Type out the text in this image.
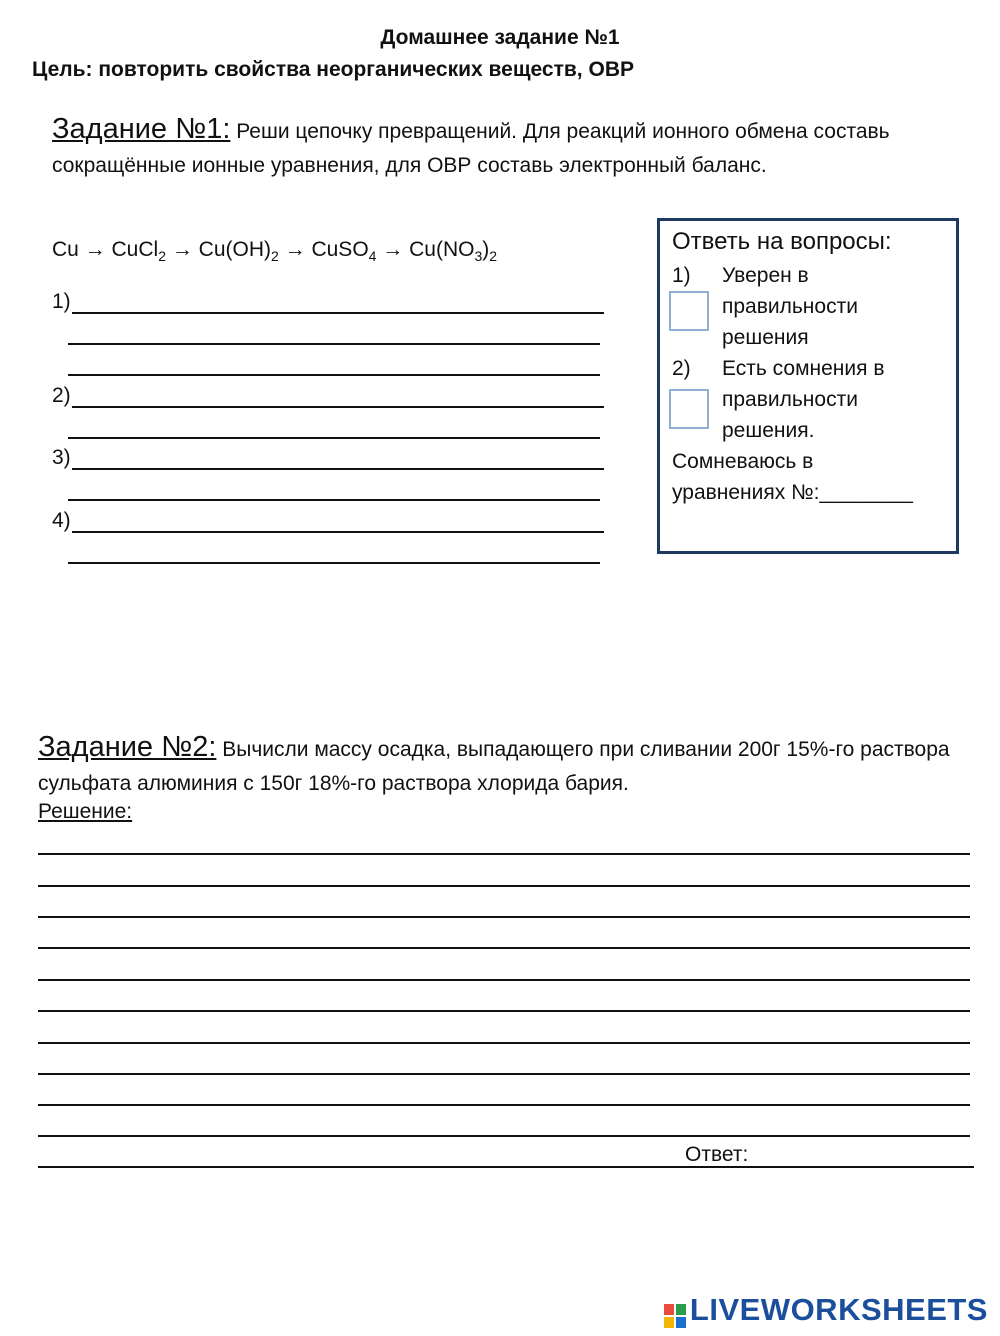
Домашнее задание №1
Цель: повторить свойства неорганических веществ, ОВР
Задание №1: Реши цепочку превращений. Для реакций ионного обмена составь сокращённые ионные уравнения, для ОВР составь электронный баланс.
Cu → CuCl$_2$ → $Cu(OH)_2$ → CuSO$_4$ → $Cu(NO_3)_2$
1)
2)
3)
4)
Ответь на вопросы:
1) Уверен в
правильности
решения
2) Есть сомнения в
правильности
решения.
Сомневаюсь в
уравнениях №:________
Задание №2: Вычисли массу осадка, выпадающего при сливании 200г 15%-го раствора сульфата алюминия с 150г 18%-го раствора хлорида бария.
Решение:
Ответ:
LIVEWORKSHEETS
